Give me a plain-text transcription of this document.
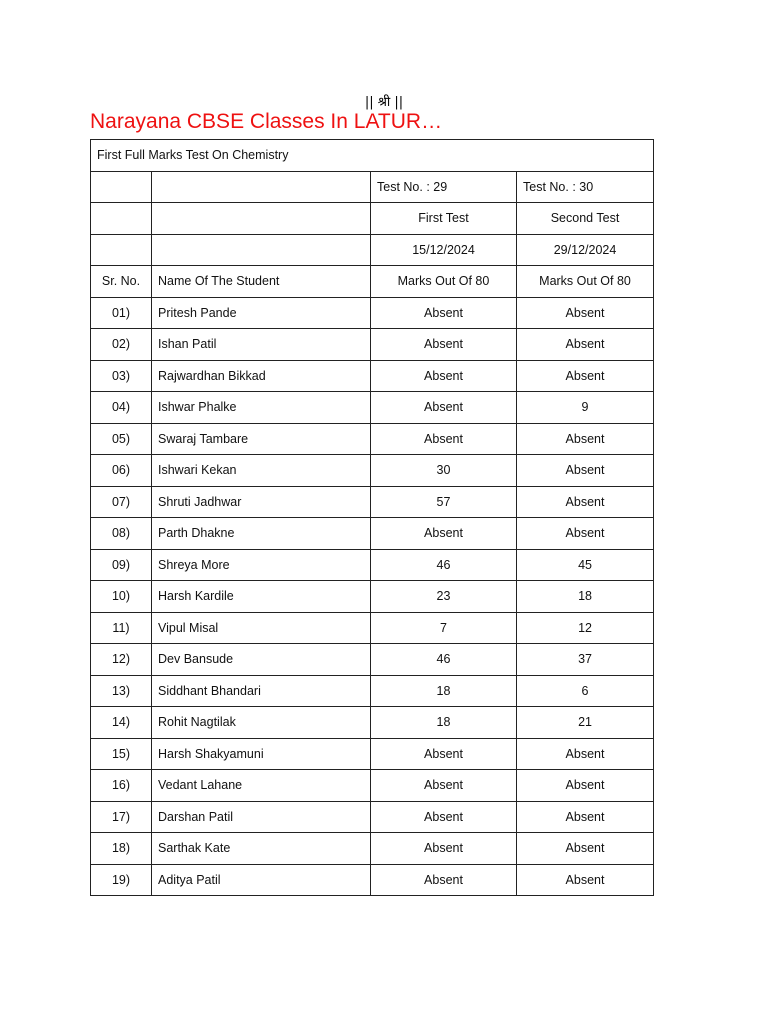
|| श्री ||
Narayana CBSE Classes In LATUR…
First Full Marks Test On Chemistry			
		Test No. : 29	Test No. : 30
		First Test	Second Test
		15/12/2024	29/12/2024
Sr. No.	Name Of The Student	Marks Out Of 80	Marks Out Of 80
01)	Pritesh Pande	Absent	Absent
02)	Ishan Patil	Absent	Absent
03)	Rajwardhan Bikkad	Absent	Absent
04)	Ishwar Phalke	Absent	9
05)	Swaraj Tambare	Absent	Absent
06)	Ishwari Kekan	30	Absent
07)	Shruti Jadhwar	57	Absent
08)	Parth Dhakne	Absent	Absent
09)	Shreya More	46	45
10)	Harsh Kardile	23	18
11)	Vipul Misal	7	12
12)	Dev Bansude	46	37
13)	Siddhant Bhandari	18	6
14)	Rohit Nagtilak	18	21
15)	Harsh Shakyamuni	Absent	Absent
16)	Vedant Lahane	Absent	Absent
17)	Darshan Patil	Absent	Absent
18)	Sarthak Kate	Absent	Absent
19)	Aditya Patil	Absent	Absent
